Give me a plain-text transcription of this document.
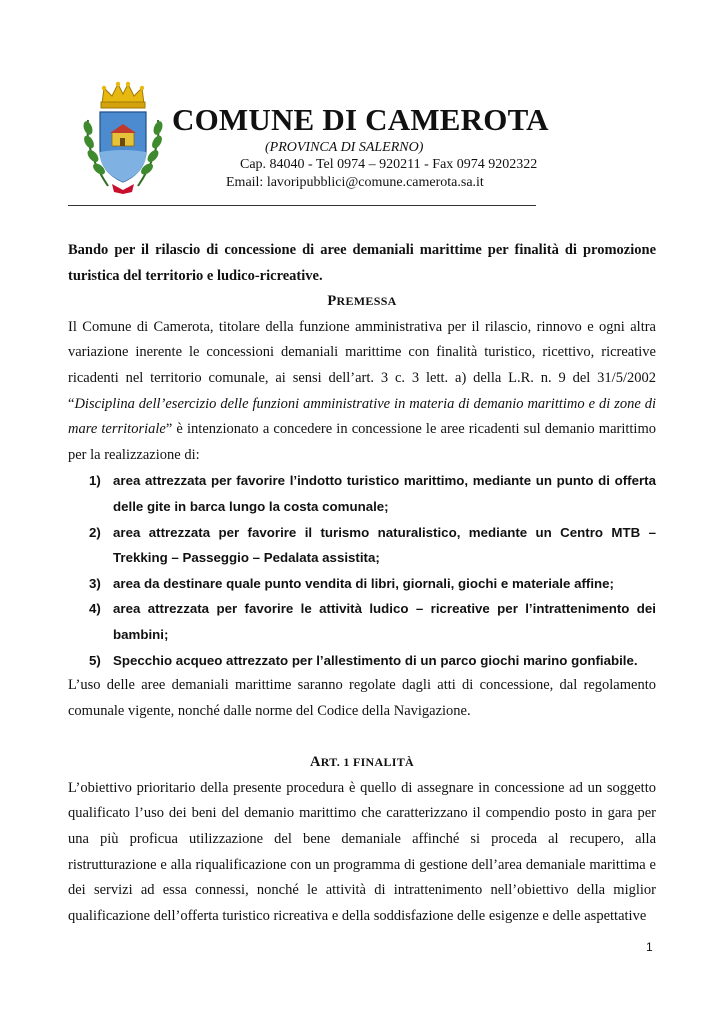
COMUNE DI CAMEROTA
(PROVINCA DI SALERNO)
Cap. 84040 - Tel 0974 – 920211 - Fax 0974 9202322
Email: lavoripubblici@comune.camerota.sa.it

Bando per il rilascio di concessione di aree demaniali marittime per finalità di promozione turistica del territorio e ludico-ricreative.

PREMESSA

Il Comune di Camerota, titolare della funzione amministrativa per il rilascio, rinnovo e ogni altra variazione inerente le concessioni demaniali marittime con finalità turistico, ricettivo, ricreative ricadenti nel territorio comunale, ai sensi dell’art. 3 c. 3 lett. a) della L.R. n. 9 del 31/5/2002 “Disciplina dell’esercizio delle funzioni amministrative in materia di demanio marittimo e di zone di mare territoriale” è intenzionato a concedere in concessione le aree ricadenti sul demanio marittimo per la realizzazione di:

1) area attrezzata per favorire l’indotto turistico marittimo, mediante un punto di offerta delle gite in barca lungo la costa comunale;
2) area attrezzata per favorire il turismo naturalistico, mediante un Centro MTB – Trekking – Passeggio – Pedalata assistita;
3) area da destinare quale punto vendita di libri, giornali, giochi e materiale affine;
4) area attrezzata per favorire le attività ludico – ricreative per l’intrattenimento dei bambini;
5) Specchio acqueo attrezzato per l’allestimento di un parco giochi marino gonfiabile.

L’uso delle aree demaniali marittime saranno regolate dagli atti di concessione, dal regolamento comunale vigente, nonché dalle norme del Codice della Navigazione.

ART. 1 FINALITÀ

L’obiettivo prioritario della presente procedura è quello di assegnare in concessione ad un soggetto qualificato l’uso dei beni del demanio marittimo che caratterizzano il compendio posto in gara per una più proficua utilizzazione del bene demaniale affinché si proceda al recupero, alla ristrutturazione e alla riqualificazione con un programma di gestione dell’area demaniale marittima e dei servizi ad essa connessi, nonché le attività di intrattenimento nell’obiettivo della miglior qualificazione dell’offerta turistico ricreativa e della soddisfazione delle esigenze e delle aspettative

1
